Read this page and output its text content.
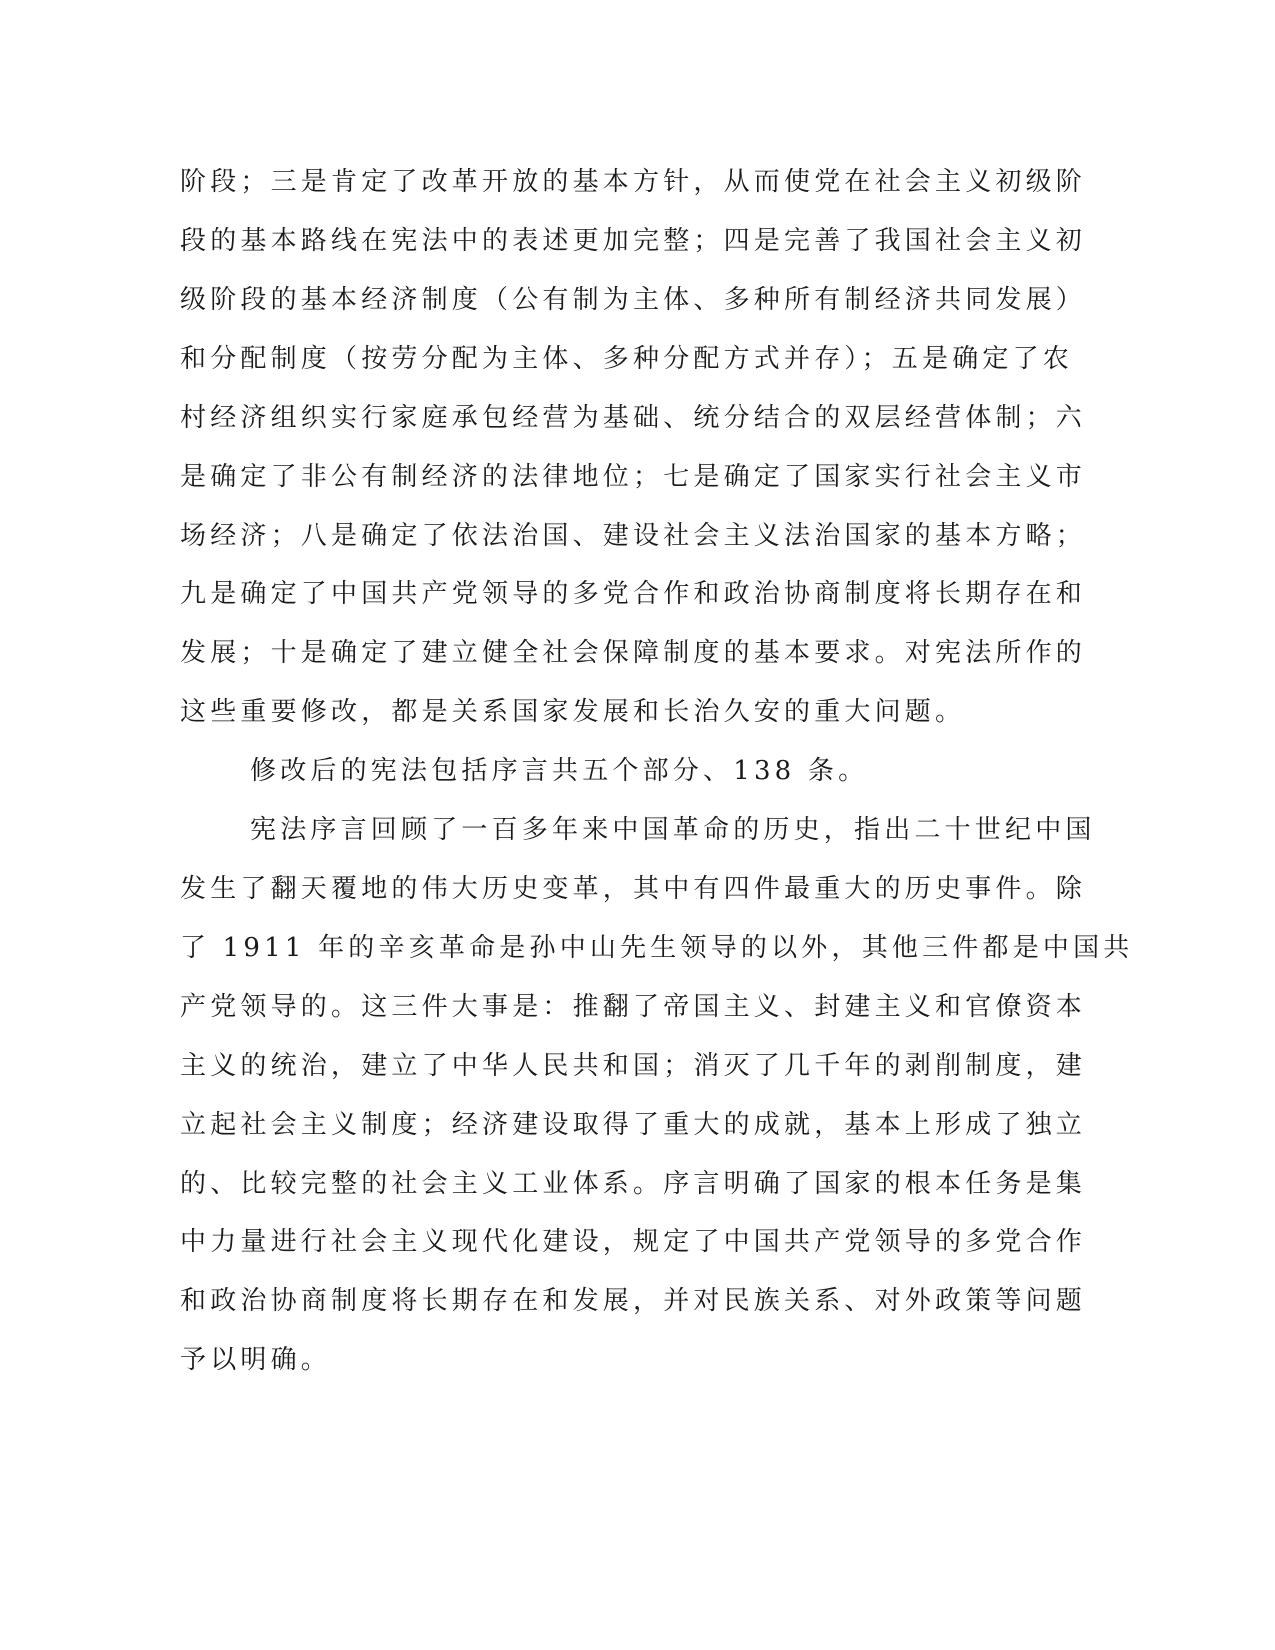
阶段；三是肯定了改革开放的基本方针，从而使党在社会主义初级阶
段的基本路线在宪法中的表述更加完整；四是完善了我国社会主义初
级阶段的基本经济制度（公有制为主体、多种所有制经济共同发展）
和分配制度（按劳分配为主体、多种分配方式并存）；五是确定了农
村经济组织实行家庭承包经营为基础、统分结合的双层经营体制；六
是确定了非公有制经济的法律地位；七是确定了国家实行社会主义市
场经济；八是确定了依法治国、建设社会主义法治国家的基本方略；
九是确定了中国共产党领导的多党合作和政治协商制度将长期存在和
发展；十是确定了建立健全社会保障制度的基本要求。对宪法所作的
这些重要修改，都是关系国家发展和长治久安的重大问题。
修改后的宪法包括序言共五个部分、138 条。
宪法序言回顾了一百多年来中国革命的历史，指出二十世纪中国
发生了翻天覆地的伟大历史变革，其中有四件最重大的历史事件。除
了 1911 年的辛亥革命是孙中山先生领导的以外，其他三件都是中国共
产党领导的。这三件大事是：推翻了帝国主义、封建主义和官僚资本
主义的统治，建立了中华人民共和国；消灭了几千年的剥削制度，建
立起社会主义制度；经济建设取得了重大的成就，基本上形成了独立
的、比较完整的社会主义工业体系。序言明确了国家的根本任务是集
中力量进行社会主义现代化建设，规定了中国共产党领导的多党合作
和政治协商制度将长期存在和发展，并对民族关系、对外政策等问题
予以明确。
